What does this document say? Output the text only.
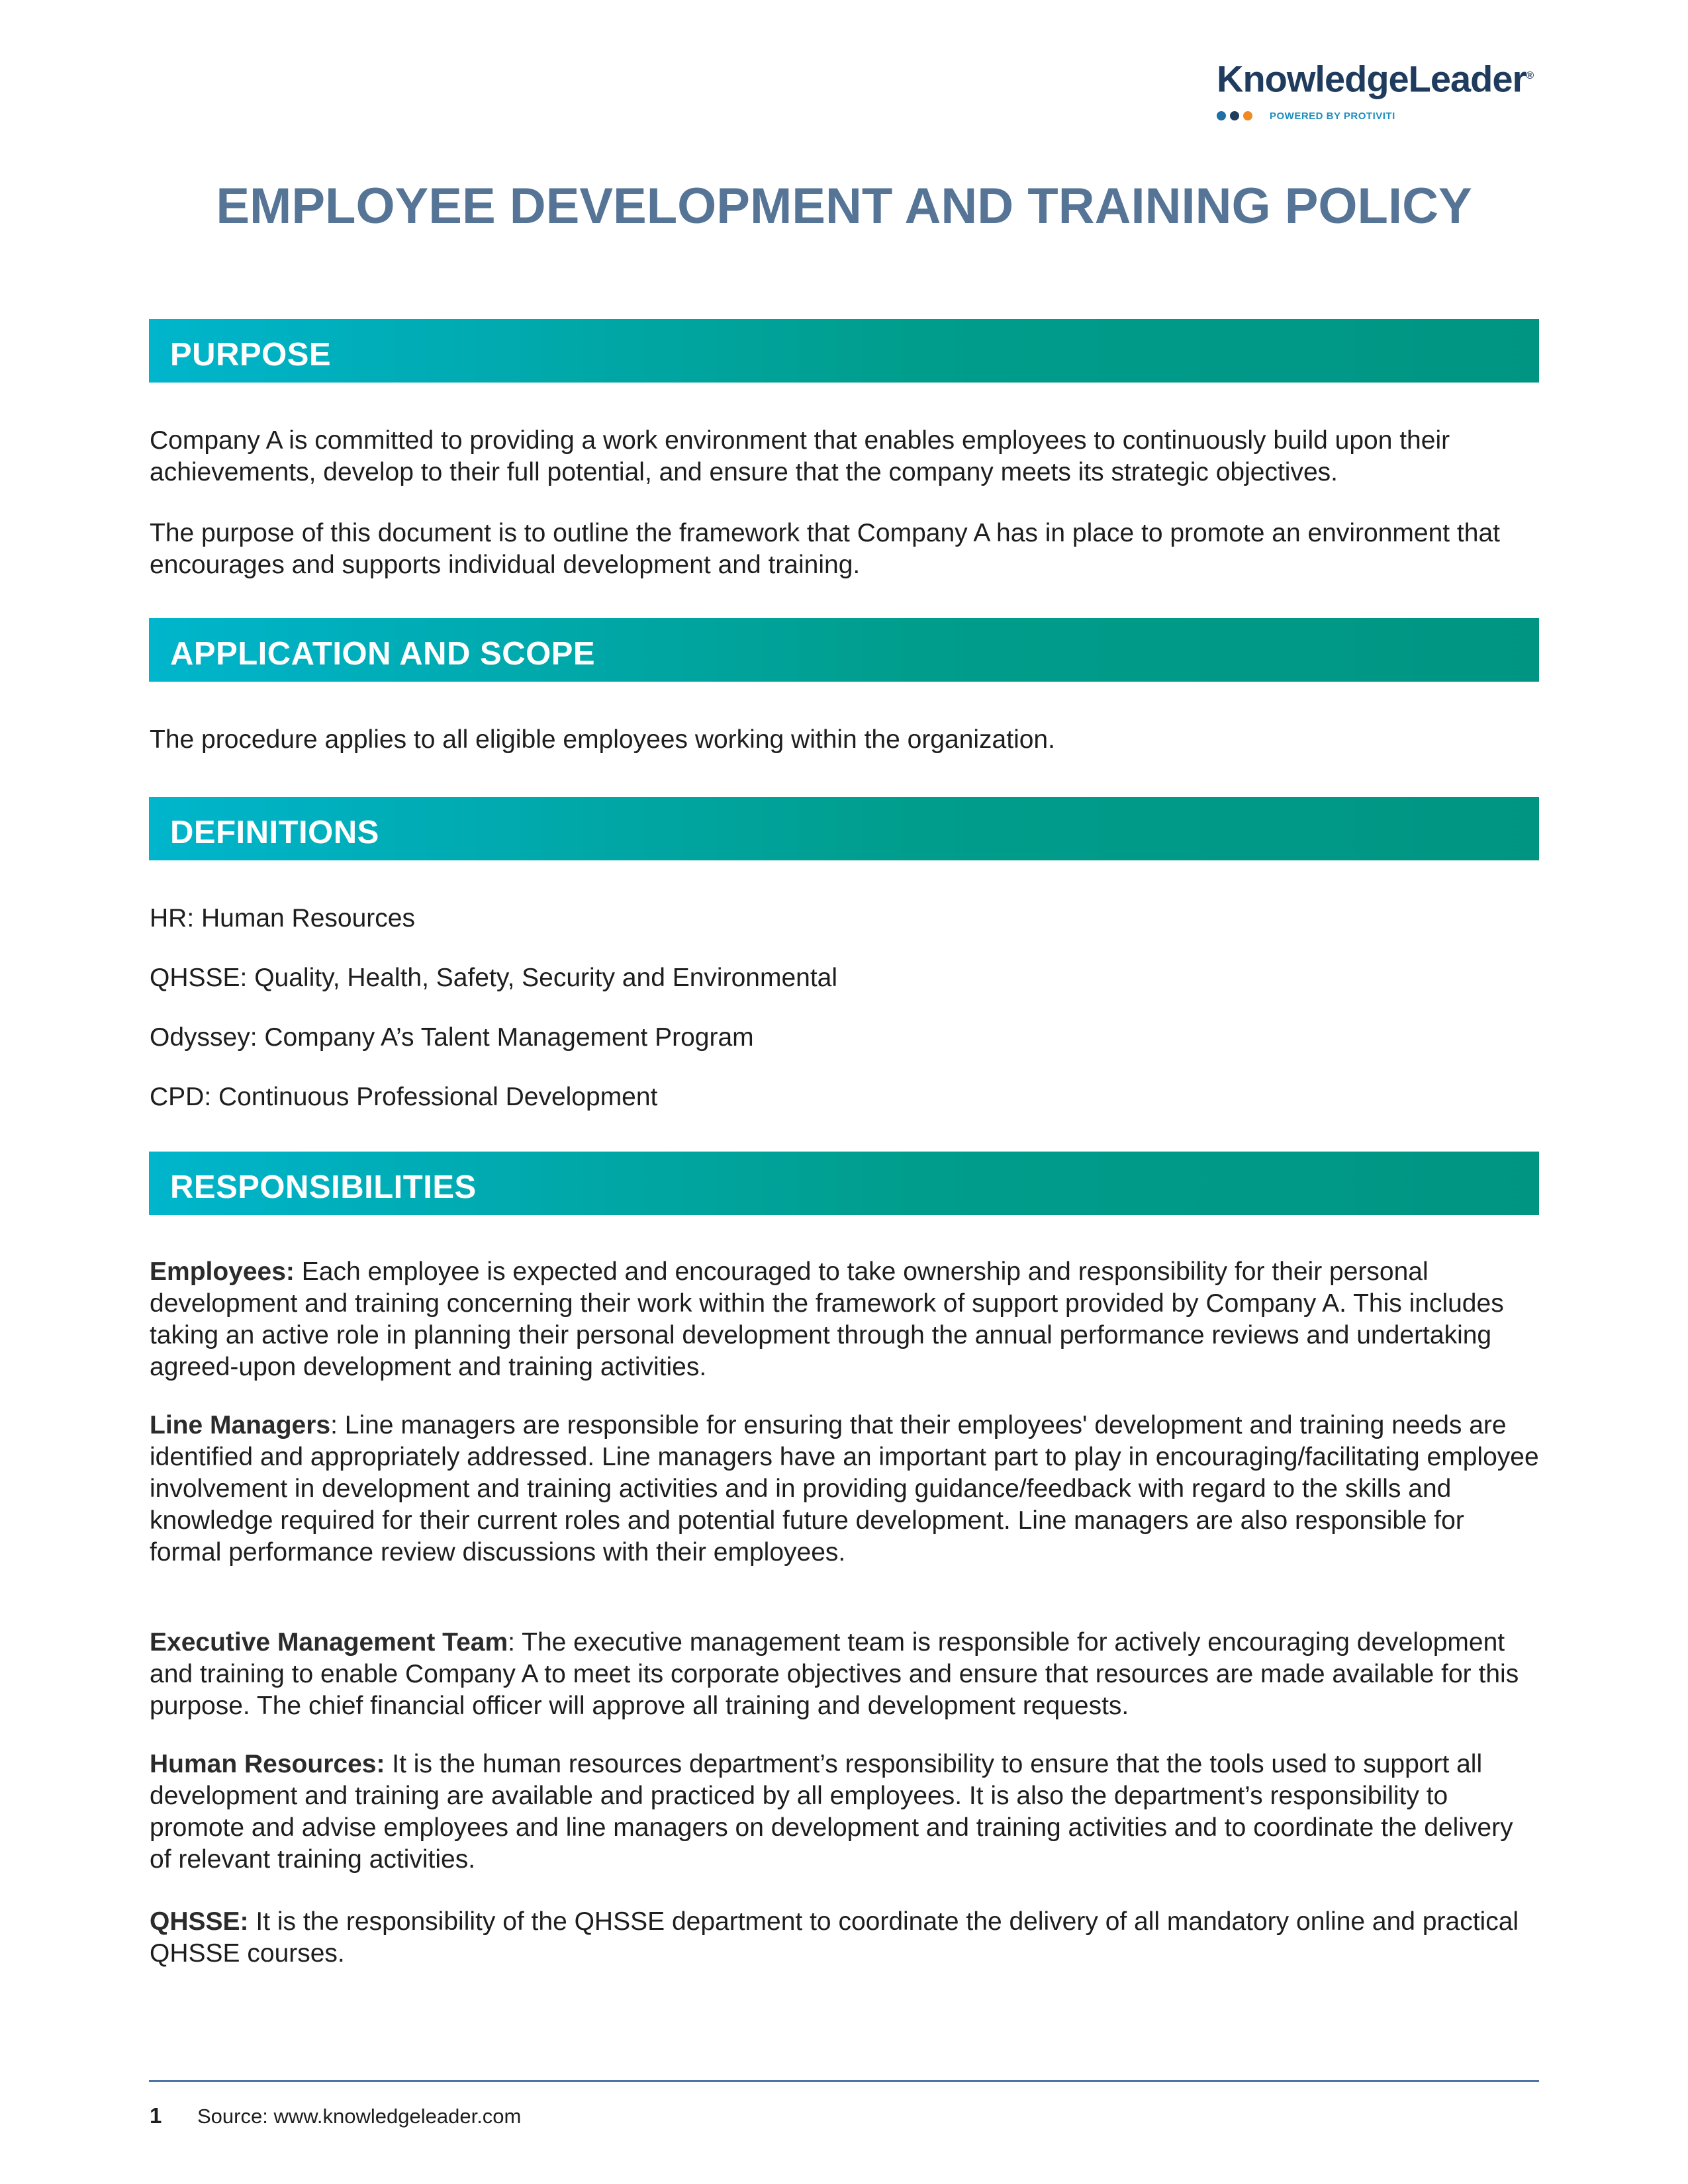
KnowledgeLeader®
POWERED BY PROTIVITI
EMPLOYEE DEVELOPMENT AND TRAINING POLICY
PURPOSE
Company A is committed to providing a work environment that enables employees to continuously build upon their achievements, develop to their full potential, and ensure that the company meets its strategic objectives.
The purpose of this document is to outline the framework that Company A has in place to promote an environment that encourages and supports individual development and training.
APPLICATION AND SCOPE
The procedure applies to all eligible employees working within the organization.
DEFINITIONS
HR: Human Resources
QHSSE: Quality, Health, Safety, Security and Environmental
Odyssey: Company A’s Talent Management Program
CPD: Continuous Professional Development
RESPONSIBILITIES
Employees: Each employee is expected and encouraged to take ownership and responsibility for their personal development and training concerning their work within the framework of support provided by Company A. This includes taking an active role in planning their personal development through the annual performance reviews and undertaking agreed-upon development and training activities.
Line Managers: Line managers are responsible for ensuring that their employees' development and training needs are identified and appropriately addressed. Line managers have an important part to play in encouraging/facilitating employee involvement in development and training activities and in providing guidance/feedback with regard to the skills and knowledge required for their current roles and potential future development. Line managers are also responsible for formal performance review discussions with their employees.
Executive Management Team: The executive management team is responsible for actively encouraging development and training to enable Company A to meet its corporate objectives and ensure that resources are made available for this purpose. The chief financial officer will approve all training and development requests.
Human Resources: It is the human resources department’s responsibility to ensure that the tools used to support all development and training are available and practiced by all employees. It is also the department’s responsibility to promote and advise employees and line managers on development and training activities and to coordinate the delivery of relevant training activities.
QHSSE: It is the responsibility of the QHSSE department to coordinate the delivery of all mandatory online and practical QHSSE courses.
1 Source: www.knowledgeleader.com
